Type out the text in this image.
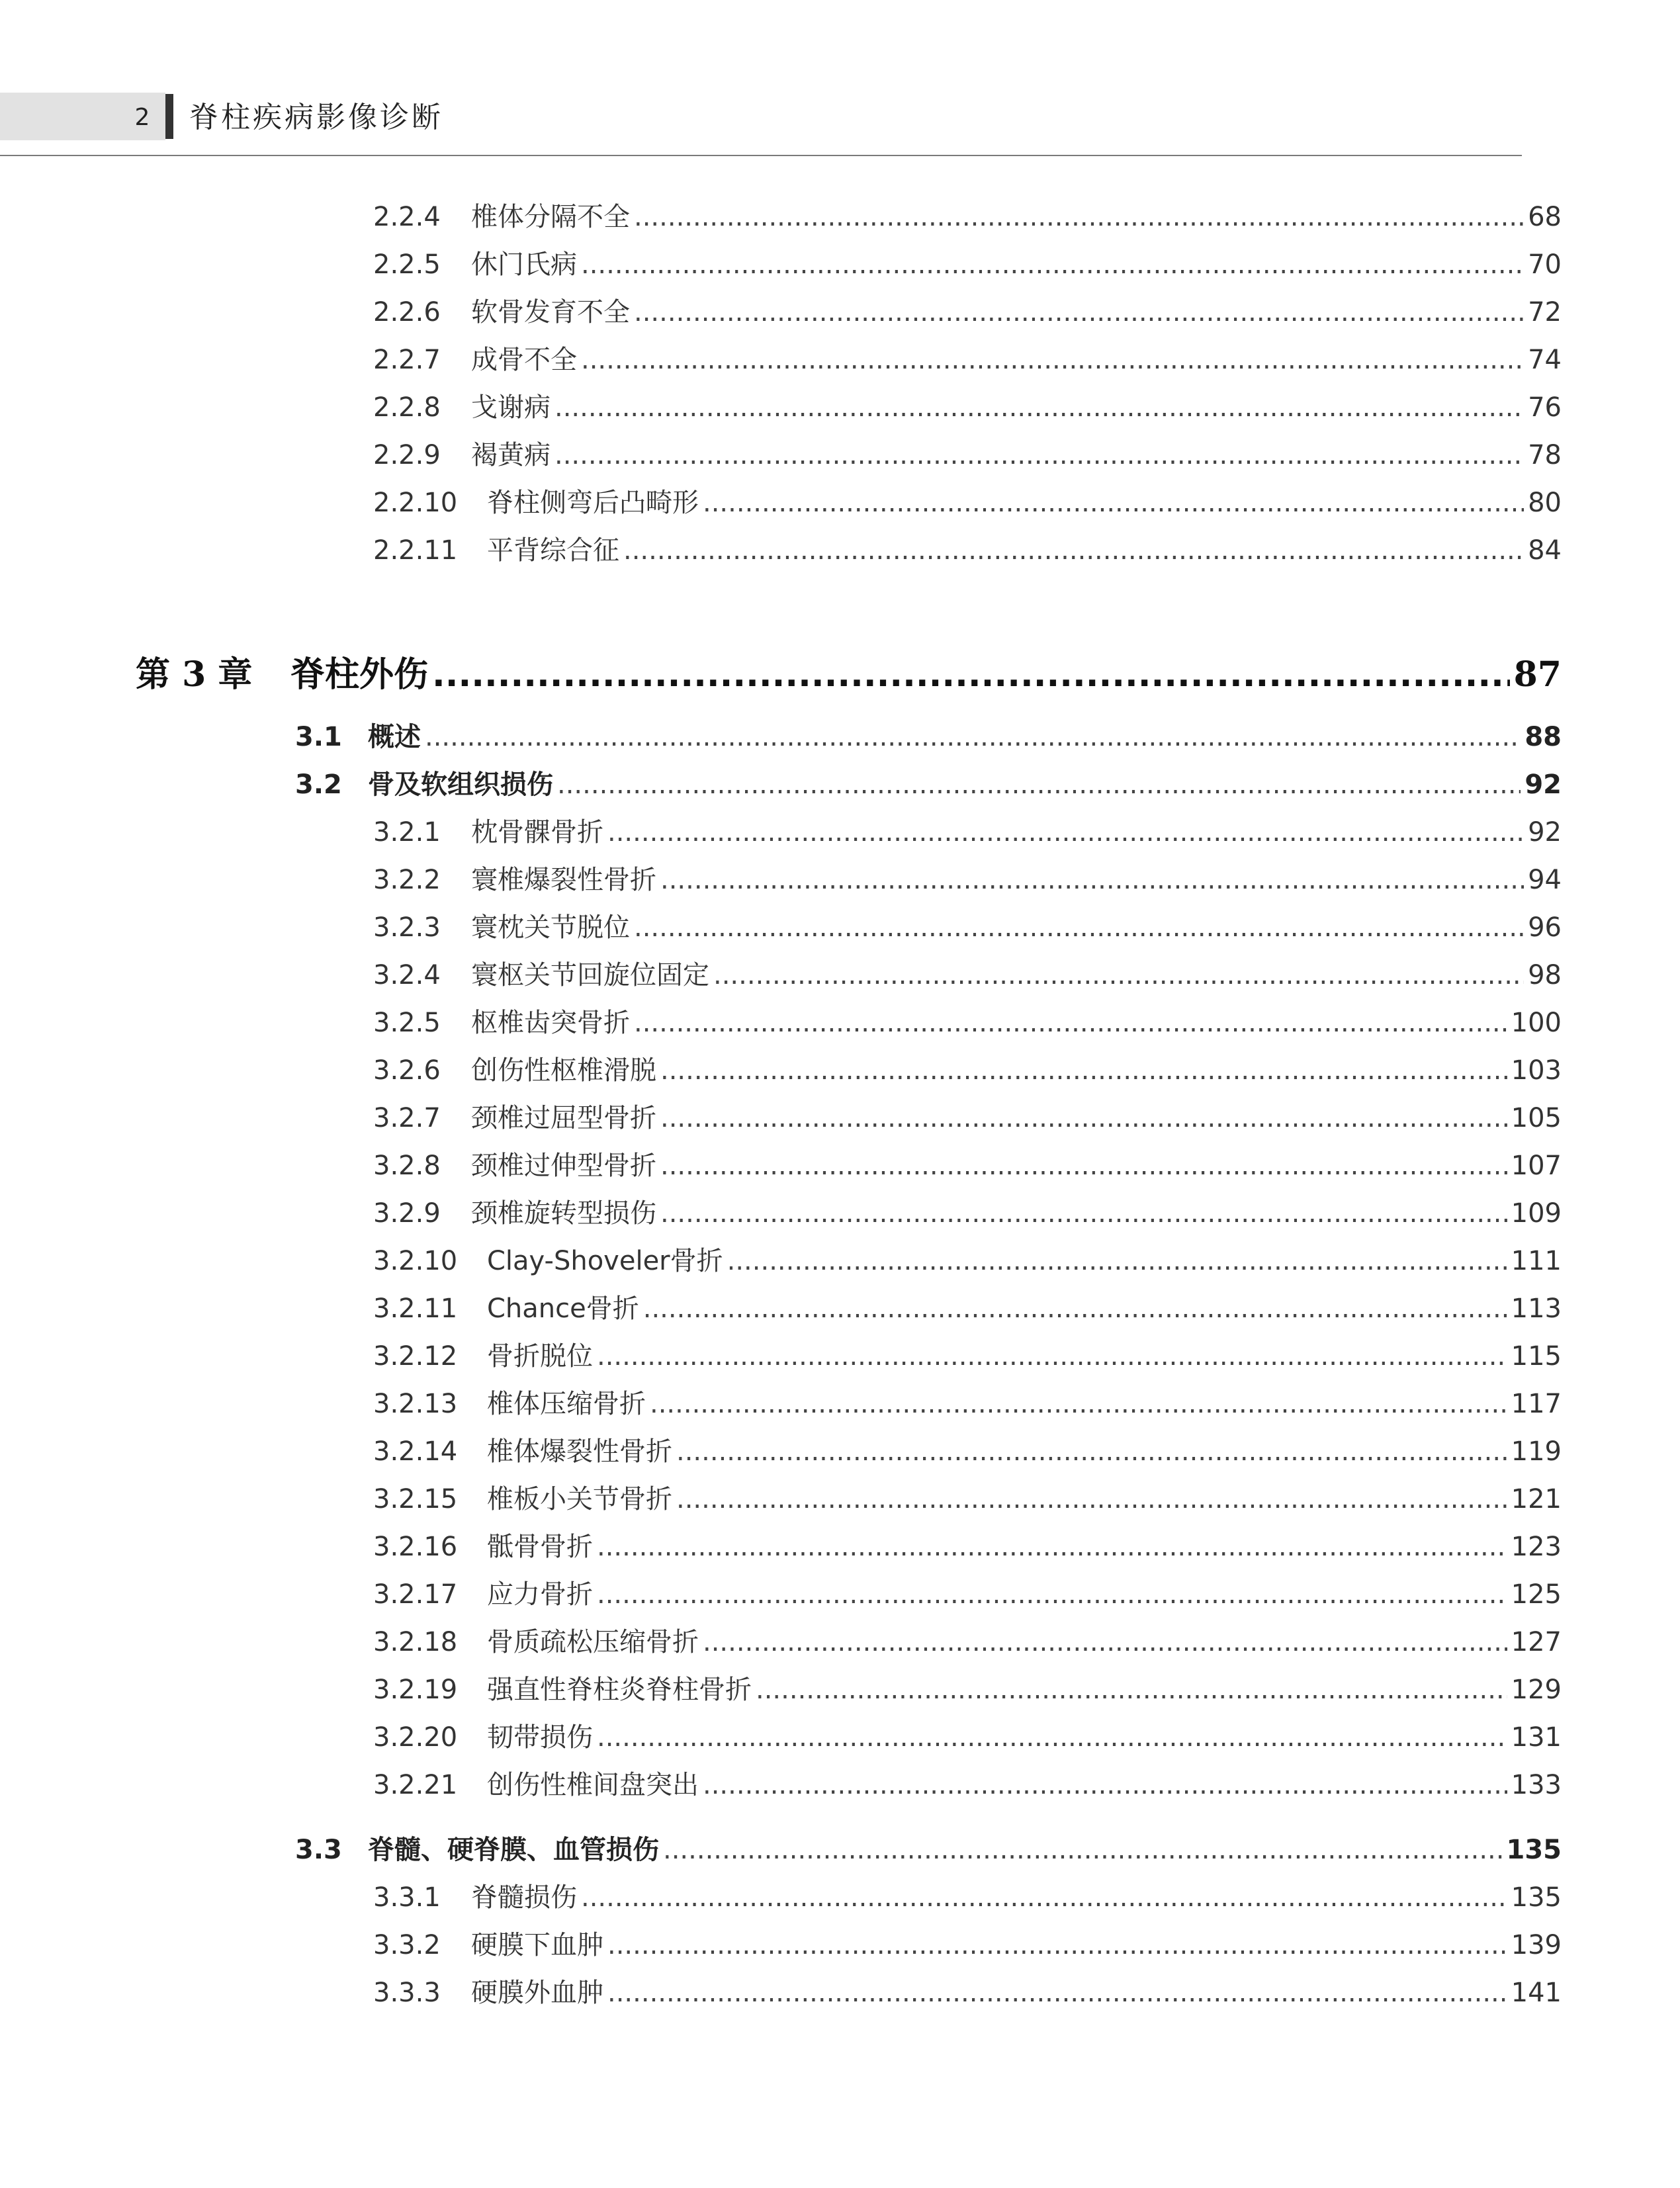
2 脊柱疾病影像诊断
2.2.4	椎体分隔不全 .....	68
2.2.5	休门氏病 .....	70
2.2.6	软骨发育不全 .....	72
2.2.7	成骨不全 .....	74
2.2.8	戈谢病 .....	76
2.2.9	褐黄病 .....	78
2.2.10	脊柱侧弯后凸畸形 .....	80
2.2.11	平背综合征 .....	84
第 3 章	脊柱外伤 .....	87
3.1 概述 .....	88
3.2 骨及软组织损伤 .....	92
3.2.1	枕骨髁骨折 .....	92
3.2.2	寰椎爆裂性骨折 .....	94
3.2.3	寰枕关节脱位 .....	96
3.2.4	寰枢关节回旋位固定 .....	98
3.2.5	枢椎齿突骨折 .....	100
3.2.6	创伤性枢椎滑脱 .....	103
3.2.7	颈椎过屈型骨折 .....	105
3.2.8	颈椎过伸型骨折 .....	107
3.2.9	颈椎旋转型损伤 .....	109
3.2.10	Clay-Shoveler骨折 .....	111
3.2.11	Chance骨折 .....	113
3.2.12	骨折脱位 .....	115
3.2.13	椎体压缩骨折 .....	117
3.2.14	椎体爆裂性骨折 .....	119
3.2.15	椎板小关节骨折 .....	121
3.2.16	骶骨骨折 .....	123
3.2.17	应力骨折 .....	125
3.2.18	骨质疏松压缩骨折 .....	127
3.2.19	强直性脊柱炎脊柱骨折 .....	129
3.2.20	韧带损伤 .....	131
3.2.21	创伤性椎间盘突出 .....	133
3.3 脊髓、硬脊膜、血管损伤 .....	135
3.3.1	脊髓损伤 .....	135
3.3.2	硬膜下血肿 .....	139
3.3.3	硬膜外血肿 .....	141
